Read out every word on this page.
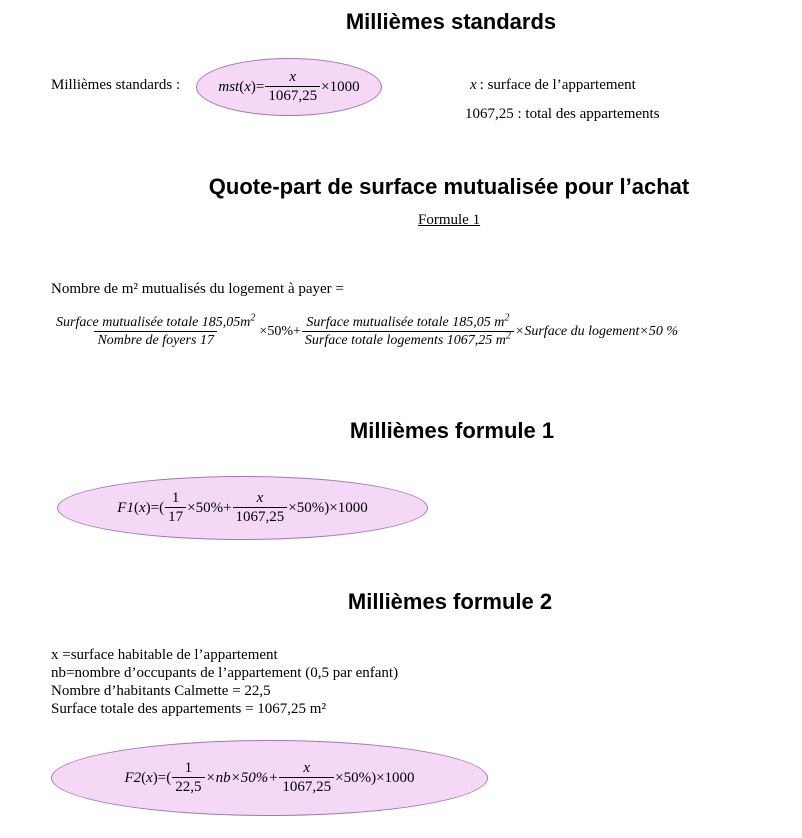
Millièmes standards
Millièmes standards :	mst ( x ) = $\frac{x}{1067,25} \times 1000$	x : surface de l’appartement
1067,25 : total des appartements
Quote-part de surface mutualisée pour l’achat
Formule 1
Nombre de m² mutualisés du logement à payer =
$\frac{Surface mutualisée totale 185,05m^2}{\text{Nombre de foyers 17}} \times 50\%+ \frac{Surface mutualisée totale 185,05 m^2}{Surface totale logements 1067,25 m^2}$ ×Surface du logement×50 %
Millièmes formule 1
F1 ( x ) =( $\frac{1}{17} \times 50\%+ \frac{x}{1067,25} \times 50\%)\times 1000$
Millièmes formule 2
x =surface habitable de l’appartement
nb=nombre d’occupants de l’appartement (0,5 par enfant)
Nombre d’habitants Calmette = 22,5
Surface totale des appartements = 1067,25 m²
F2 ( x ) =( $\frac{1}{22,5} \times nb\times 50\%+ \frac{x}{1067,25} \times 50\%)\times 1000$
